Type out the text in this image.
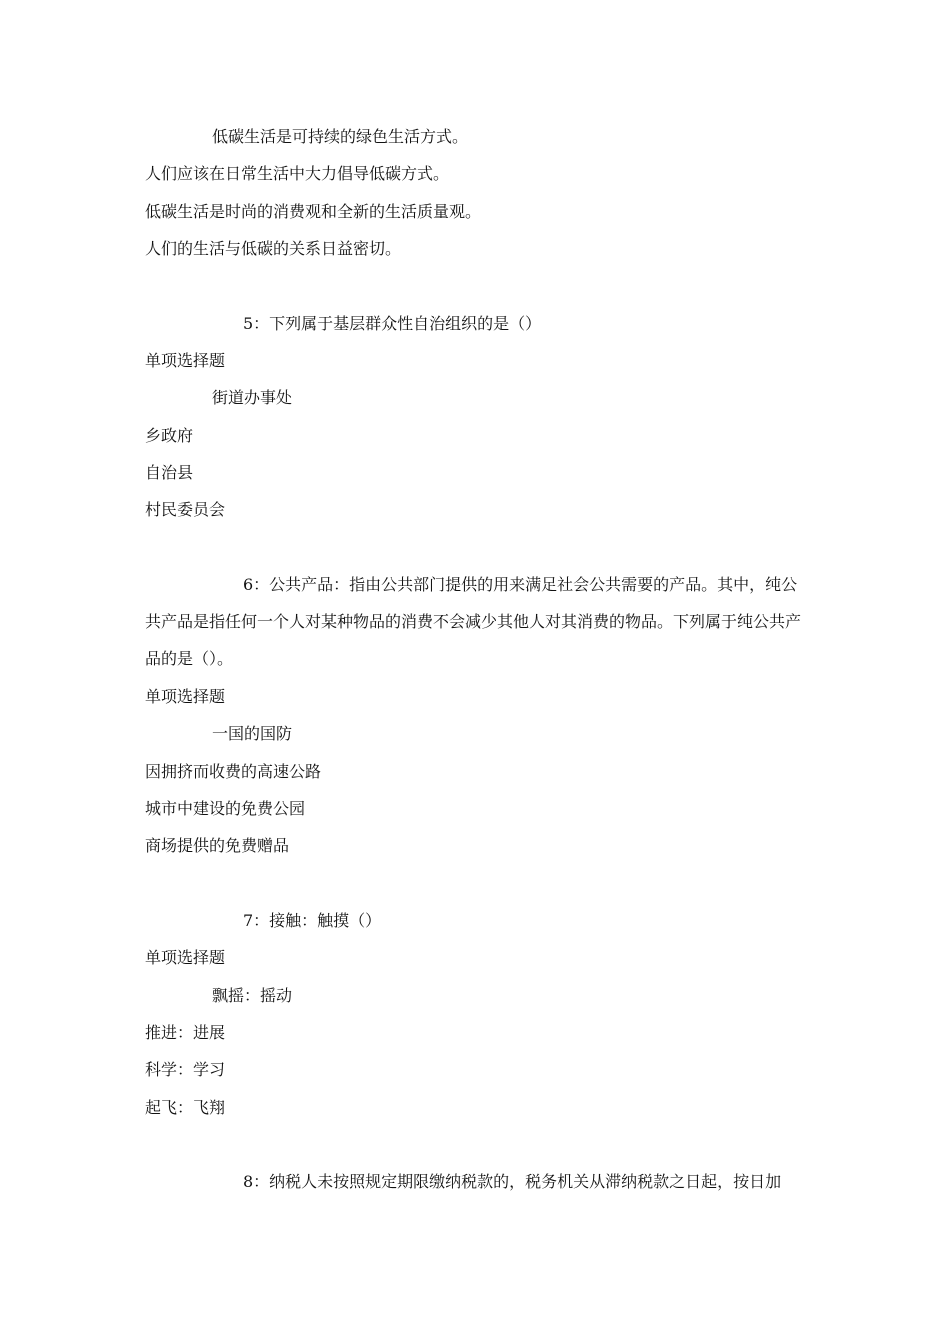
低碳生活是可持续的绿色生活方式。
人们应该在日常生活中大力倡导低碳方式。
低碳生活是时尚的消费观和全新的生活质量观。
人们的生活与低碳的关系日益密切。
5：下列属于基层群众性自治组织的是（）
单项选择题
街道办事处
乡政府
自治县
村民委员会
6：公共产品：指由公共部门提供的用来满足社会公共需要的产品。其中，纯公共产品是指任何一个人对某种物品的消费不会减少其他人对其消费的物品。下列属于纯公共产品的是（）。
单项选择题
一国的国防
因拥挤而收费的高速公路
城市中建设的免费公园
商场提供的免费赠品
7：接触：触摸（）
单项选择题
飘摇：摇动
推进：进展
科学：学习
起飞：飞翔
8：纳税人未按照规定期限缴纳税款的，税务机关从滞纳税款之日起，按日加
